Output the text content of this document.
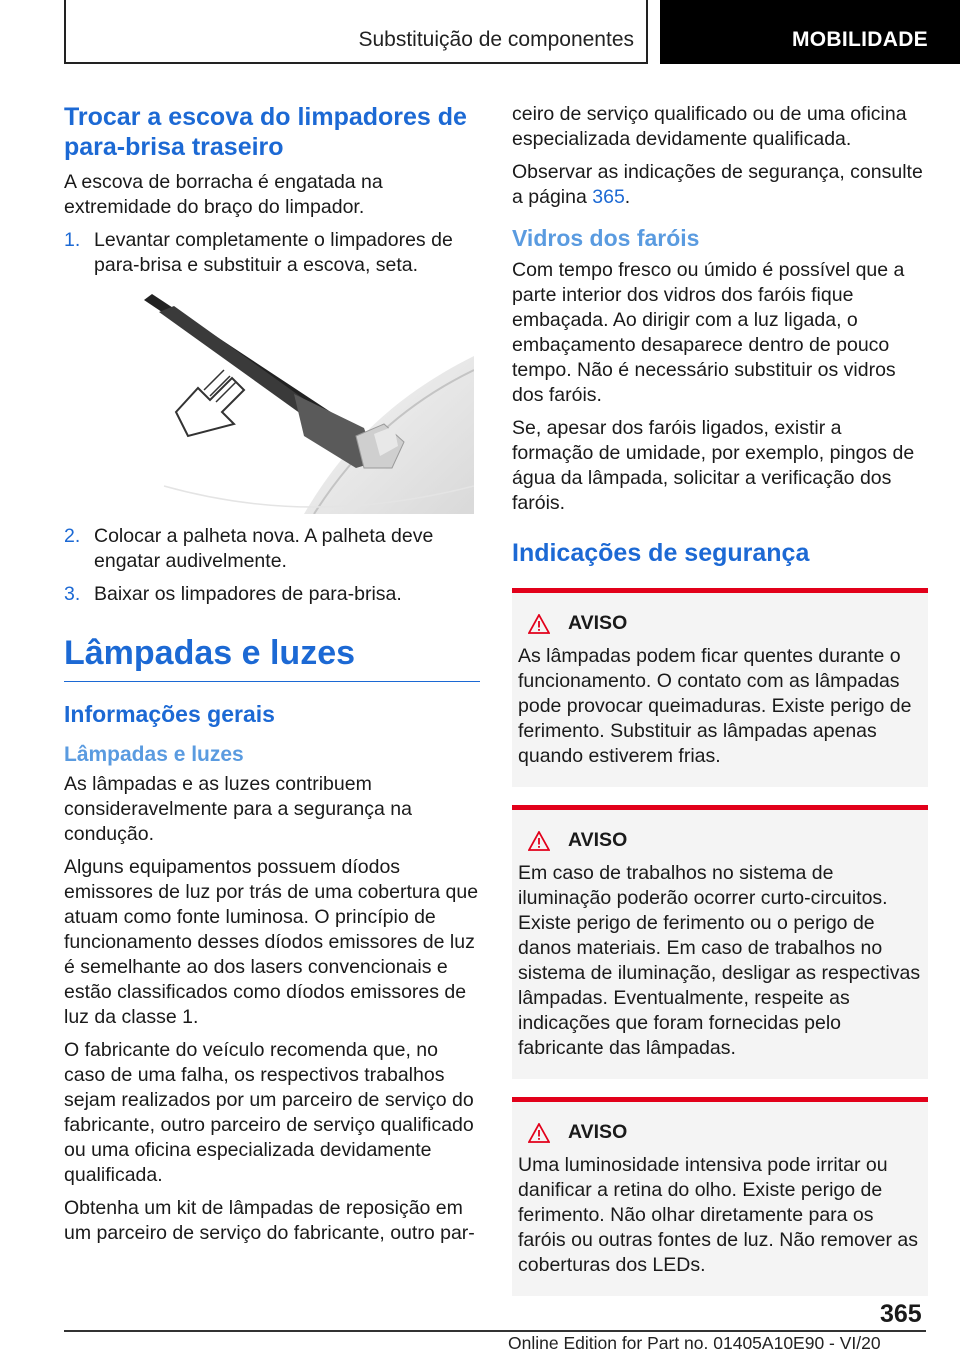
Substituição de componentes	MOBILIDADE
Trocar a escova do limpadores de para-brisa traseiro

A escova de borracha é engatada na extremidade do braço do limpador.

1. Levantar completamente o limpadores de para-brisa e substituir a escova, seta.
2. Colocar a palheta nova. A palheta deve engatar audivelmente.
3. Baixar os limpadores de para-brisa.
Lâmpadas e luzes
Informações gerais
Lâmpadas e luzes

As lâmpadas e as luzes contribuem consideravelmente para a segurança na condução.

Alguns equipamentos possuem díodos emissores de luz por trás de uma cobertura que atuam como fonte luminosa. O princípio de funcionamento desses díodos emissores de luz é semelhante ao dos lasers convencionais e estão classificados como díodos emissores de luz da classe 1.

O fabricante do veículo recomenda que, no caso de uma falha, os respectivos trabalhos sejam realizados por um parceiro de serviço do fabricante, outro parceiro de serviço qualificado ou uma oficina especializada devidamente qualificada.

Obtenha um kit de lâmpadas de reposição em um parceiro de serviço do fabricante, outro par-

ceiro de serviço qualificado ou de uma oficina especializada devidamente qualificada.

Observar as indicações de segurança, consulte a página 365.

Vidros dos faróis

Com tempo fresco ou úmido é possível que a parte interior dos vidros dos faróis fique embaçada. Ao dirigir com a luz ligada, o embaçamento desaparece dentro de pouco tempo. Não é necessário substituir os vidros dos faróis.

Se, apesar dos faróis ligados, existir a formação de umidade, por exemplo, pingos de água da lâmpada, solicitar a verificação dos faróis.

Indicações de segurança
AVISO

As lâmpadas podem ficar quentes durante o funcionamento. O contato com as lâmpadas pode provocar queimaduras. Existe perigo de ferimento. Substituir as lâmpadas apenas quando estiverem frias.

AVISO

Em caso de trabalhos no sistema de iluminação poderão ocorrer curto-circuitos. Existe perigo de ferimento ou o perigo de danos materiais. Em caso de trabalhos no sistema de iluminação, desligar as respectivas lâmpadas. Eventualmente, respeite as indicações que foram fornecidas pelo fabricante das lâmpadas.

AVISO

Uma luminosidade intensiva pode irritar ou danificar a retina do olho. Existe perigo de ferimento. Não olhar diretamente para os faróis ou outras fontes de luz. Não remover as coberturas dos LEDs.

365
Online Edition for Part no. 01405A10E90 - VI/20
